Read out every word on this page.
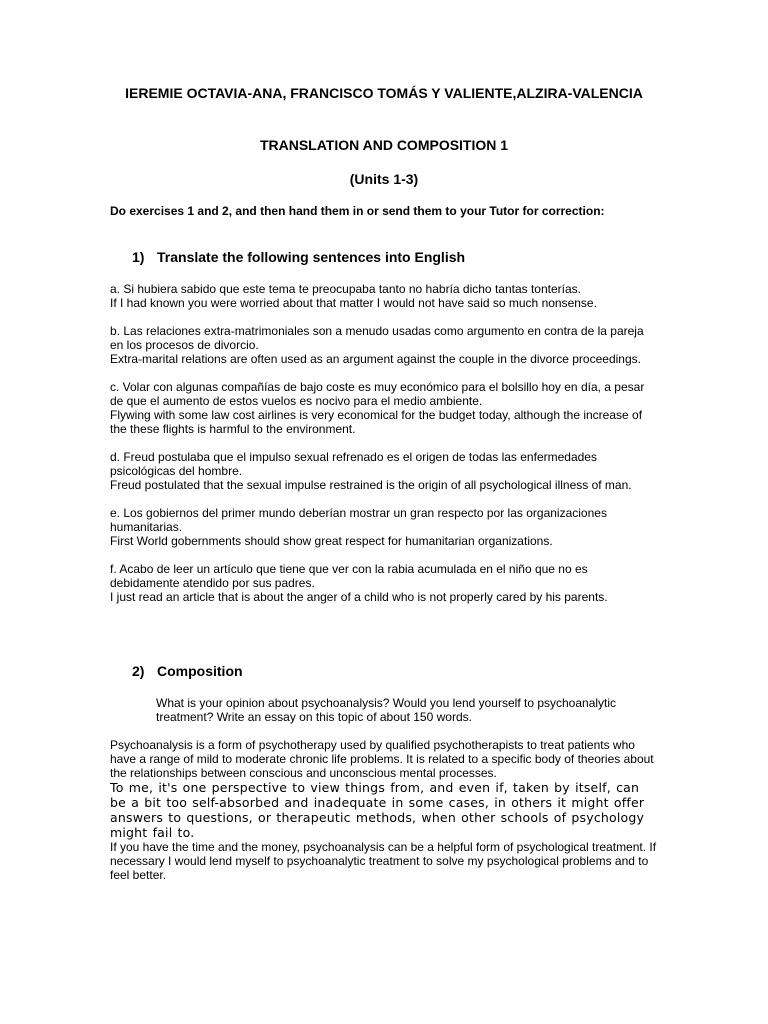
IEREMIE OCTAVIA-ANA, FRANCISCO TOMÁS Y VALIENTE,ALZIRA-VALENCIA
TRANSLATION AND COMPOSITION 1
(Units 1-3)
Do exercises 1 and 2, and then hand them in or send them to your Tutor for correction:
1) Translate the following sentences into English

a. Si hubiera sabido que este tema te preocupaba tanto no habría dicho tantas tonterías.

If I had known you were worried about that matter I would not have said so much nonsense.

b. Las relaciones extra-matrimoniales son a menudo usadas como argumento en contra de la pareja en los procesos de divorcio.

Extra-marital relations are often used as an argument against the couple in the divorce proceedings.

c. Volar con algunas compañías de bajo coste es muy económico para el bolsillo hoy en día, a pesar de que el aumento de estos vuelos es nocivo para el medio ambiente.

Flywing with some law cost airlines is very economical for the budget today, although the increase of the these flights is harmful to the environment.

d. Freud postulaba que el impulso sexual refrenado es el origen de todas las enfermedades psicológicas del hombre.

Freud postulated that the sexual impulse restrained is the origin of all psychological illness of man.

e. Los gobiernos del primer mundo deberían mostrar un gran respecto por las organizaciones humanitarias.

First World gobernments should show great respect for humanitarian organizations.

f. Acabo de leer un artículo que tiene que ver con la rabia acumulada en el niño que no es debidamente atendido por sus padres.

I just read an article that is about the anger of a child who is not properly cared by his parents.

2) Composition

What is your opinion about psychoanalysis? Would you lend yourself to psychoanalytic treatment? Write an essay on this topic of about 150 words.

Psychoanalysis is a form of psychotherapy used by qualified psychotherapists to treat patients who have a range of mild to moderate chronic life problems. It is related to a specific body of theories about the relationships between conscious and unconscious mental processes.

To me, it's one perspective to view things from, and even if, taken by itself, can be a bit too self-absorbed and inadequate in some cases, in others it might offer answers to questions, or therapeutic methods, when other schools of psychology might fail to.

If you have the time and the money, psychoanalysis can be a helpful form of psychological treatment. If necessary I would lend myself to psychoanalytic treatment to solve my psychological problems and to feel better.
